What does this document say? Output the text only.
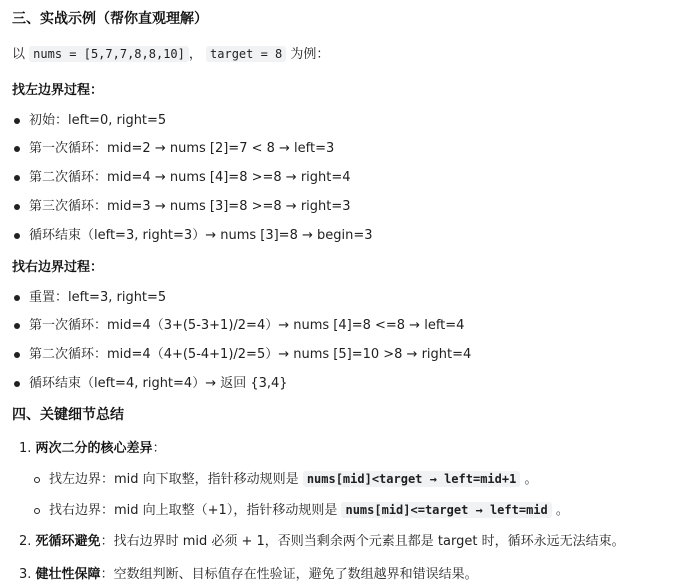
三、实战示例（帮你直观理解）
以 nums = [5,7,7,8,8,10] ， target = 8 为例：
找左边界过程：
初始：left=0, right=5
第一次循环：mid=2 → nums [2]=7 < 8 → left=3
第二次循环：mid=4 → nums [4]=8 >=8 → right=4
第三次循环：mid=3 → nums [3]=8 >=8 → right=3
循环结束（left=3, right=3）→ nums [3]=8 → begin=3
找右边界过程：
重置：left=3, right=5
第一次循环：mid=4（3+(5-3+1)/2=4）→ nums [4]=8 <=8 → left=4
第二次循环：mid=4（4+(5-4+1)/2=5）→ nums [5]=10 >8 → right=4
循环结束（left=4, right=4）→ 返回 {3,4}
四、关键细节总结
1. 两次二分的核心差异：
找左边界：mid 向下取整，指针移动规则是 nums[mid]<target → left=mid+1 。
找右边界：mid 向上取整（+1），指针移动规则是 nums[mid]<=target → left=mid 。
2. 死循环避免：找右边界时 mid 必须 + 1，否则当剩余两个元素且都是 target 时，循环永远无法结束。
3. 健壮性保障：空数组判断、目标值存在性验证，避免了数组越界和错误结果。
